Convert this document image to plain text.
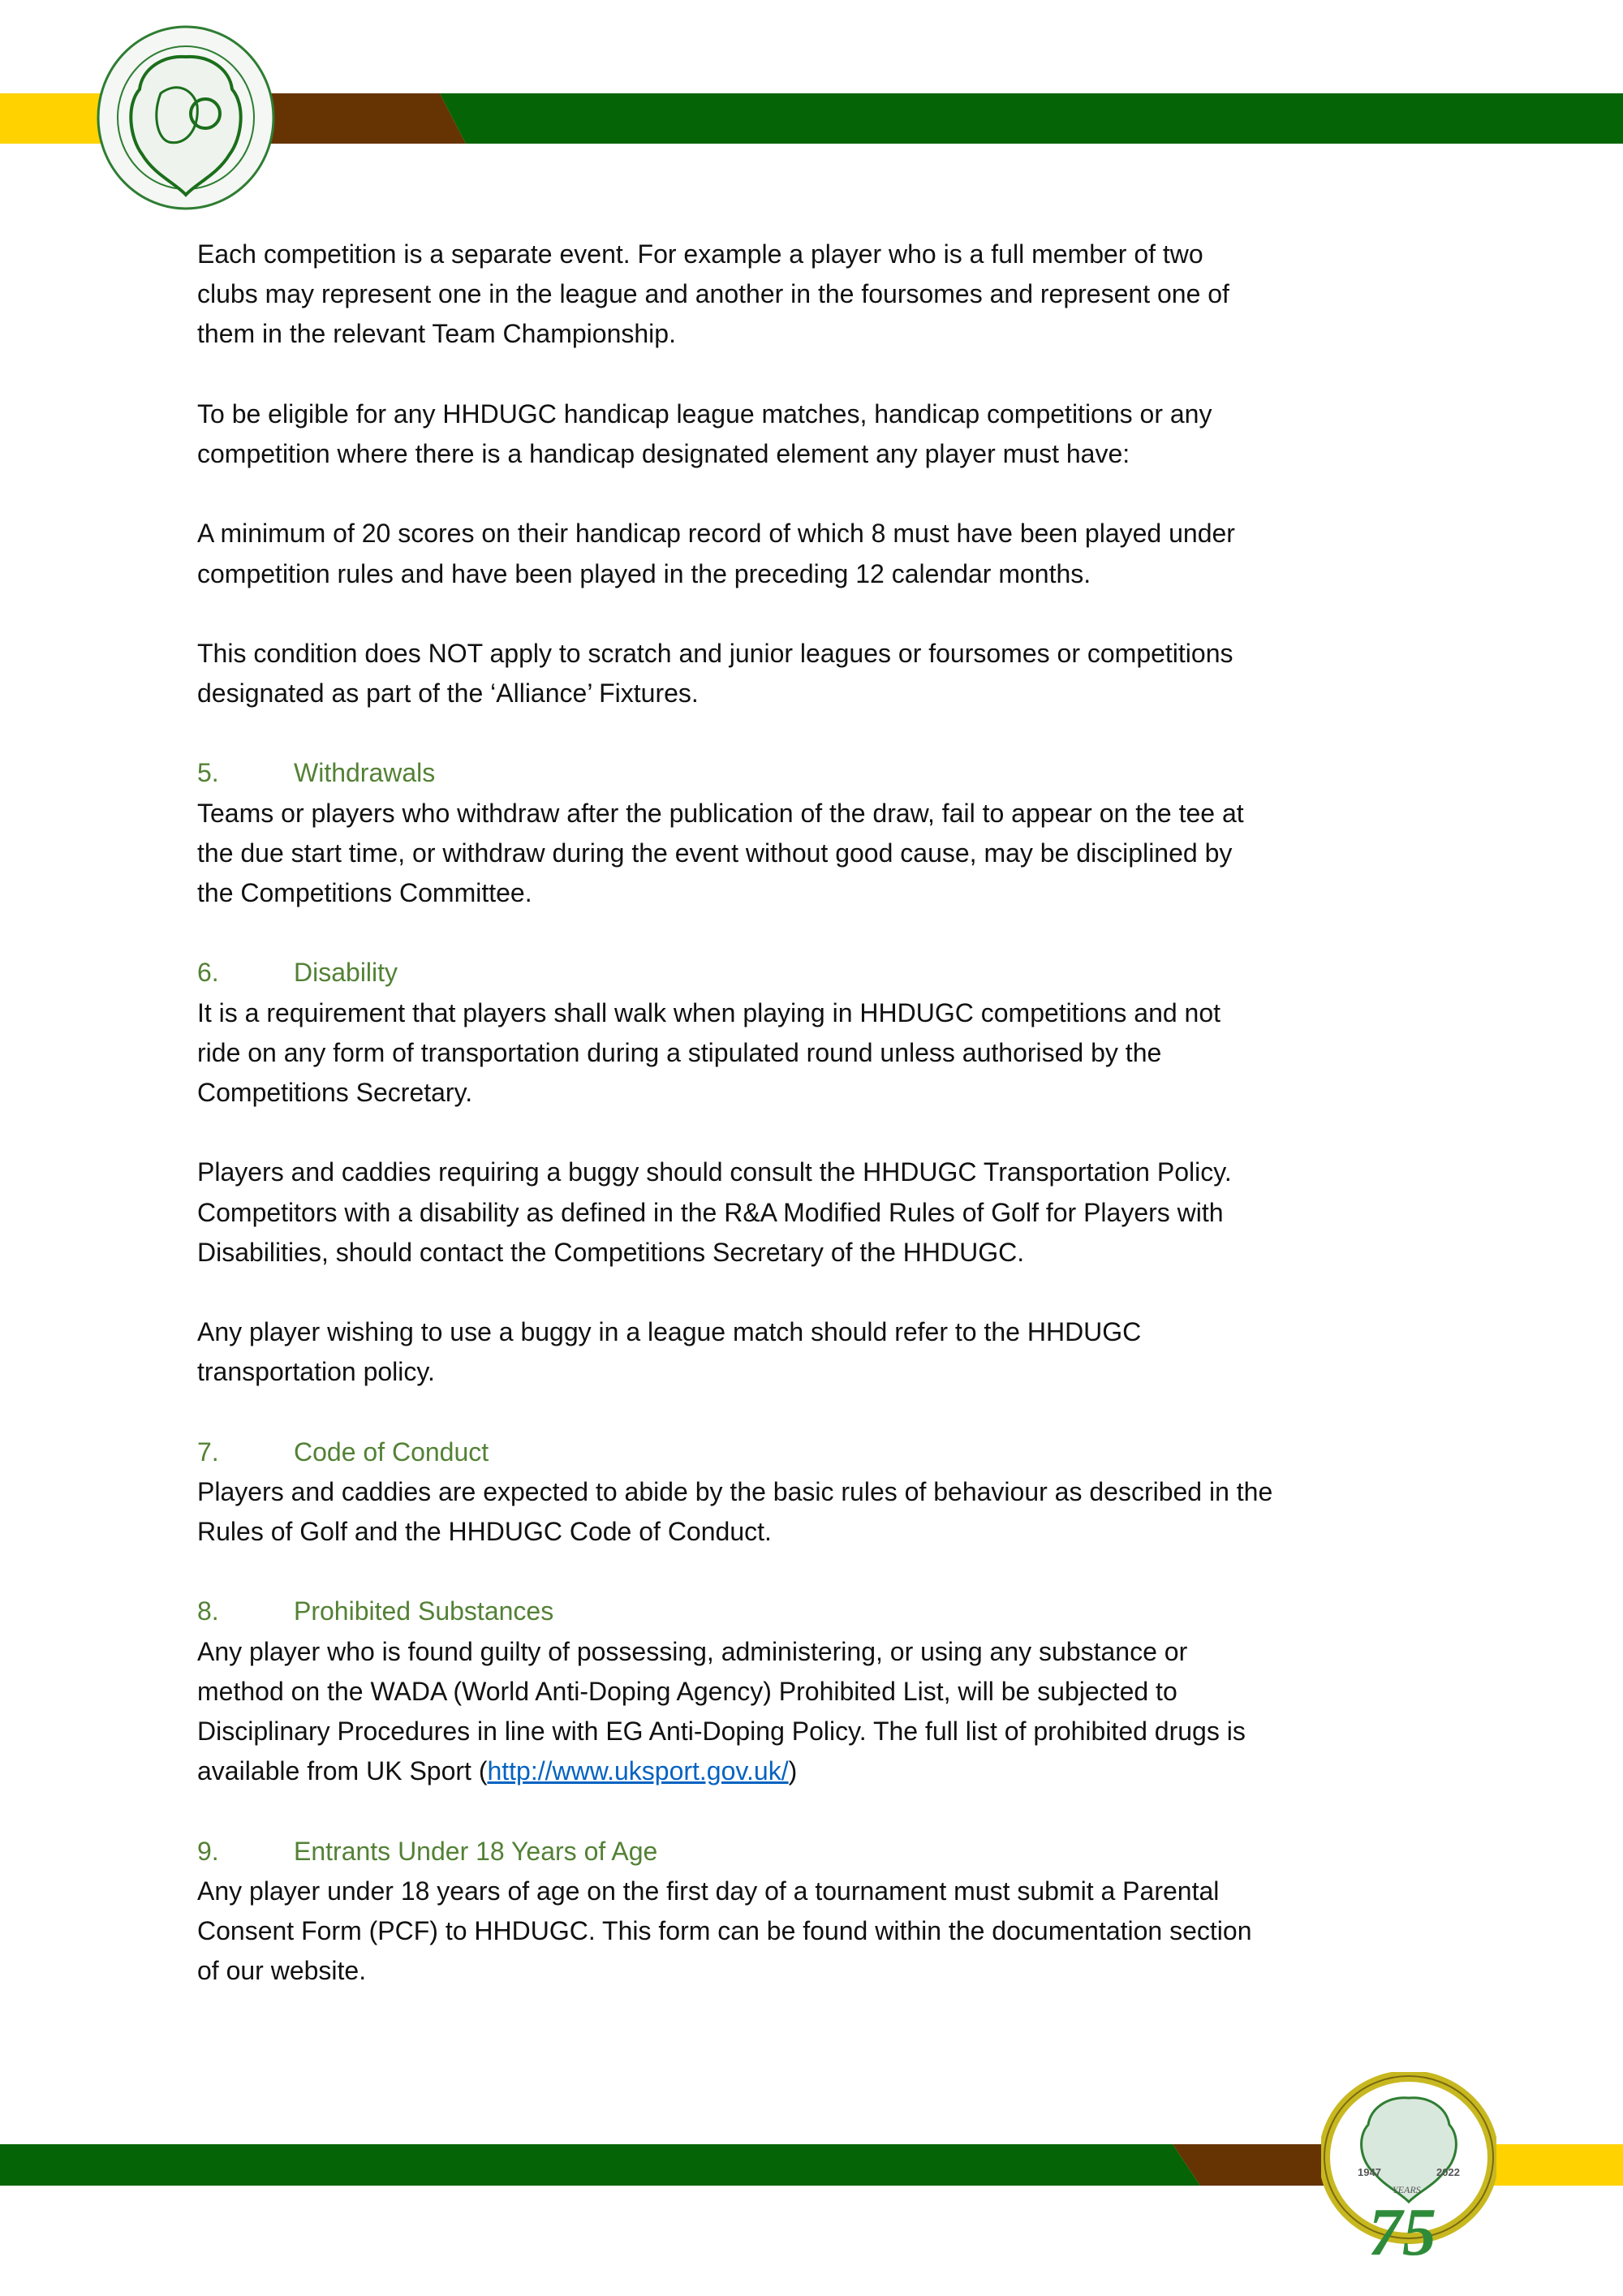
1947	2022
YEARS
75
Each competition is a separate event. For example a player who is a full member of two
clubs may represent one in the league and another in the foursomes and represent one of
them in the relevant Team Championship.
To be eligible for any HHDUGC handicap league matches, handicap competitions or any
competition where there is a handicap designated element any player must have:
A minimum of 20 scores on their handicap record of which 8 must have been played under
competition rules and have been played in the preceding 12 calendar months.
This condition does NOT apply to scratch and junior leagues or foursomes or competitions
designated as part of the ‘Alliance’ Fixtures.
5.	Withdrawals
Teams or players who withdraw after the publication of the draw, fail to appear on the tee at
the due start time, or withdraw during the event without good cause, may be disciplined by
the Competitions Committee.
6.	Disability
It is a requirement that players shall walk when playing in HHDUGC competitions and not
ride on any form of transportation during a stipulated round unless authorised by the
Competitions Secretary.
Players and caddies requiring a buggy should consult the HHDUGC Transportation Policy.
Competitors with a disability as defined in the R&A Modified Rules of Golf for Players with
Disabilities, should contact the Competitions Secretary of the HHDUGC.
Any player wishing to use a buggy in a league match should refer to the HHDUGC
transportation policy.
7.	Code of Conduct
Players and caddies are expected to abide by the basic rules of behaviour as described in the
Rules of Golf and the HHDUGC Code of Conduct.
8.	Prohibited Substances
Any player who is found guilty of possessing, administering, or using any substance or
method on the WADA (World Anti-Doping Agency) Prohibited List, will be subjected to
Disciplinary Procedures in line with EG Anti-Doping Policy. The full list of prohibited drugs is
available from UK Sport (http://www.uksport.gov.uk/)
9.	Entrants Under 18 Years of Age
Any player under 18 years of age on the first day of a tournament must submit a Parental
Consent Form (PCF) to HHDUGC. This form can be found within the documentation section
of our website.
